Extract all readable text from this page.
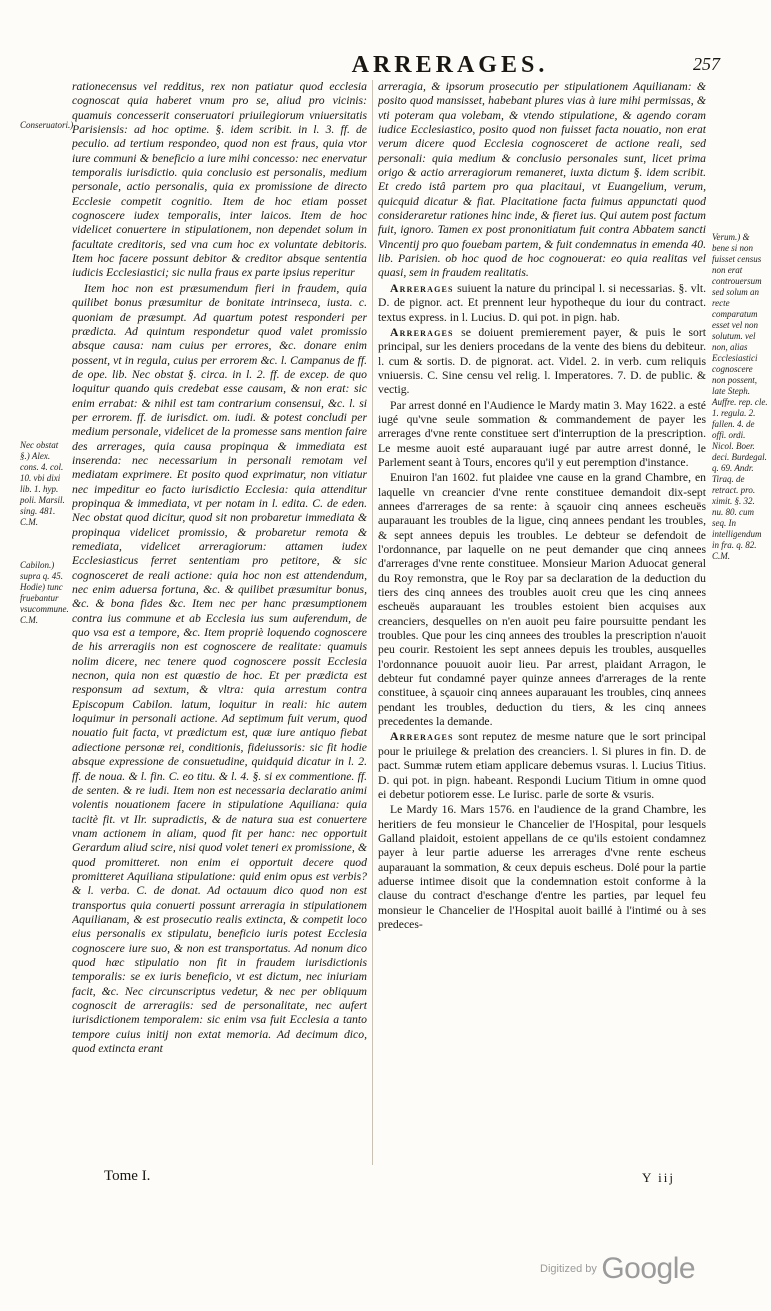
ARRERAGES.	257
Conseruatori.)
Nec obstat §.) Alex. cons. 4. col. 10. vbi dixi lib. 1. hyp. poli. Marsil. sing. 481. C.M.
Cabilon.) supra q. 45. Hodie) tunc fruebantur vsucommune. C.M.

rationecensus vel redditus, rex non patiatur quod ecclesia cognoscat quia haberet vnum pro se, aliud pro vicinis: quamuis concesserit conseruatori priuilegiorum vniuersitatis Parisiensis: ad hoc optime. §. idem scribit. in l. 3. ff. de peculio. ad tertium respondeo, quod non est fraus, quia vtor iure communi & beneficio a iure mihi concesso: nec enervatur temporalis iurisdictio. quia conclusio est personalis, medium personale, actio personalis, quia ex promissione de directo Ecclesie competit cognitio. Item de hoc etiam posset cognoscere iudex temporalis, inter laicos. Item de hoc videlicet conuertere in stipulationem, non dependet solum in facultate creditoris, sed vna cum hoc ex voluntate debitoris. Item hoc facere possunt debitor & creditor absque sententia iudicis Ecclesiastici; sic nulla fraus ex parte ipsius reperitur

Item hoc non est præsumendum fieri in fraudem, quia quilibet bonus præsumitur de bonitate intrinseca, iusta. c. quoniam de præsumpt. Ad quartum potest responderi per prædicta. Ad quintum respondetur quod valet promissio absque causa: nam cuius per errores, &c. donare enim possent, vt in regula, cuius per errorem &c. l. Campanus de ff. de ope. lib. Nec obstat §. circa. in l. 2. ff. de excep. de quo loquitur quando quis credebat esse causam, & non erat: sic enim errabat: & nihil est tam contrarium consensui, &c. l. si per errorem. ff. de iurisdict. om. iudi. & potest concludi per medium personale, videlicet de la promesse sans mention faire des arrerages, quia causa propinqua & immediata est inserenda: nec necessarium in personali remotam vel mediatam exprimere. Et posito quod exprimatur, non vitiatur nec impeditur eo facto iurisdictio Ecclesia: quia attenditur propinqua & immediata, vt per notam in l. edita. C. de eden. Nec obstat quod dicitur, quod sit non probaretur immediata & propinqua videlicet promissio, & probaretur remota & remediata, videlicet arreragiorum: attamen iudex Ecclesiasticus ferret sententiam pro petitore, & sic cognosceret de reali actione: quia hoc non est attendendum, nec enim aduersa fortuna, &c. & quilibet præsumitur bonus, &c. & bona fides &c. Item nec per hanc præsumptionem contra ius commune et ab Ecclesia ius sum auferendum, de quo vsa est a tempore, &c. Item propriè loquendo cognoscere de his arreragiis non est cognoscere de realitate: quamuis nolim dicere, nec tenere quod cognoscere possit Ecclesia necnon, quia non est quæstio de hoc. Et per prædicta est responsum ad sextum, & vltra: quia arrestum contra Episcopum Cabilon. latum, loquitur in reali: hic autem loquimur in personali actione. Ad septimum fuit verum, quod nouatio fuit facta, vt prædictum est, quæ iure antiquo fiebat adiectione personæ rei, conditionis, fideiussoris: sic fit hodie absque expressione de consuetudine, quidquid dicatur in l. 2. ff. de noua. & l. fin. C. eo titu. & l. 4. §. si ex commentione. ff. de senten. & re iudi. Item non est necessaria declaratio animi volentis nouationem facere in stipulatione Aquiliana: quia tacitè fit. vt Ilr. supradictis, & de natura sua est conuertere vnam actionem in aliam, quod fit per hanc: nec opportuit Gerardum aliud scire, nisi quod volet teneri ex promissione, & quod promitteret. non enim ei opportuit decere quod promitteret Aquiliana stipulatione: quid enim opus est verbis? & l. verba. C. de donat. Ad octauum dico quod non est transportus quia conuerti possunt arreragia in stipulationem Aquilianam, & est prosecutio realis extincta, & competit loco eius personalis ex stipulatu, beneficio iuris potest Ecclesia cognoscere iure suo, & non est transportatus. Ad nonum dico quod hæc stipulatio non fit in fraudem iurisdictionis temporalis: se ex iuris beneficio, vt est dictum, nec iniuriam facit, &c. Nec circunscriptus vedetur, & nec per obliquum cognoscit de arreragiis: sed de personalitate, nec aufert iurisdictionem temporalem: sic enim vsa fuit Ecclesia a tanto tempore cuius initij non extat memoria. Ad decimum dico, quod extincta erant

arreragia, & ipsorum prosecutio per stipulationem Aquilianam: & posito quod mansisset, habebant plures vias à iure mihi permissas, & vti poteram qua volebam, & vtendo stipulatione, & agendo coram iudice Ecclesiastico, posito quod non fuisset facta nouatio, non erat verum dicere quod Ecclesia cognosceret de actione reali, sed personali: quia medium & conclusio personales sunt, licet prima origo & actio arreragiorum remaneret, iuxta dictum §. idem scribit. Et credo istâ partem pro qua placitaui, vt Euangelium, verum, quicquid dicatur & fiat. Placitatione facta fuimus appunctati quod consideraretur rationes hinc inde, & fieret ius. Qui autem post factum fuit, ignoro. Tamen ex post prononitiatum fuit contra Abbatem sancti Vincentij pro quo fouebam partem, & fuit condemnatus in emenda 40. lib. Parisien. ob hoc quod de hoc cognouerat: eo quia realitas vel quasi, sem in fraudem realitatis.

Arrerages suiuent la nature du principal l. si necessarias. §. vlt. D. de pignor. act. Et prennent leur hypotheque du iour du contract. textus express. in l. Lucius. D. qui pot. in pign. hab.

Arrerages se doiuent premierement payer, & puis le sort principal, sur les deniers procedans de la vente des biens du debiteur. l. cum & sortis. D. de pignorat. act. Videl. 2. in verb. cum reliquis vniuersis. C. Sine censu vel relig. l. Imperatores. 7. D. de public. & vectig.

Par arrest donné en l'Audience le Mardy matin 3. May 1622. a esté iugé qu'vne seule sommation & commandement de payer les arrerages d'vne rente constituee sert d'interruption de la prescription. Le mesme auoit esté auparauant iugé par autre arrest donné, le Parlement seant à Tours, encores qu'il y eut peremption d'instance.

Enuiron l'an 1602. fut plaidee vne cause en la grand Chambre, en laquelle vn creancier d'vne rente constituee demandoit dix-sept annees d'arrerages de sa rente: à sçauoir cinq annees escheuës auparauant les troubles de la ligue, cinq annees pendant les troubles, & sept annees depuis les troubles. Le debteur se defendoit de l'ordonnance, par laquelle on ne peut demander que cinq annees d'arrerages d'vne rente constituee. Monsieur Marion Aduocat general du Roy remonstra, que le Roy par sa declaration de la deduction du tiers des cinq annees des troubles auoit creu que les cinq annees escheuës auparauant les troubles estoient bien acquises aux creanciers, desquelles on n'en auoit peu faire poursuitte pendant les troubles. Que pour les cinq annees des troubles la prescription n'auoit peu courir. Restoient les sept annees depuis les troubles, ausquelles l'ordonnance pouuoit auoir lieu. Par arrest, plaidant Arragon, le debteur fut condamné payer quinze annees d'arrerages de la rente constituee, à sçauoir cinq annees auparauant les troubles, cinq annees pendant les troubles, deduction du tiers, & les cinq annees precedentes la demande.

Arrerages sont reputez de mesme nature que le sort principal pour le priuilege & prelation des creanciers. l. Si plures in fin. D. de pact. Summæ rutem etiam applicare debemus vsuras. l. Lucius Titius. D. qui pot. in pign. habeant. Respondi Lucium Titium in omne quod ei debetur potiorem esse. Le Iurisc. parle de sorte & vsuris.

Le Mardy 16. Mars 1576. en l'audience de la grand Chambre, les heritiers de feu monsieur le Chancelier de l'Hospital, pour lesquels Galland plaidoit, estoient appellans de ce qu'ils estoient condamnez payer à leur partie aduerse les arrerages d'vne rente escheus auparauant la sommation, & ceux depuis escheus. Dolé pour la partie aduerse intimee disoit que la condemnation estoit conforme à la clause du contract d'eschange d'entre les parties, par lequel feu monsieur le Chancelier de l'Hospital auoit baillé à l'intimé ou à ses predeces-

Verum.) & bene si non fuisset census non erat controuersum sed solum an recte comparatum esset vel non solutum. vel non, alias Ecclesiastici cognoscere non possent, late Steph. Auffre. rep. cle. 1. regula. 2. fallen. 4. de offi. ordi. Nicol. Boer. deci. Burdegal. q. 69. Andr. Tiraq. de retract. pro. ximit. §. 32. nu. 80. cum seq. In intelligendum in fra. q. 82. C.M.
Tome I.	Y iij
Digitized by Google
